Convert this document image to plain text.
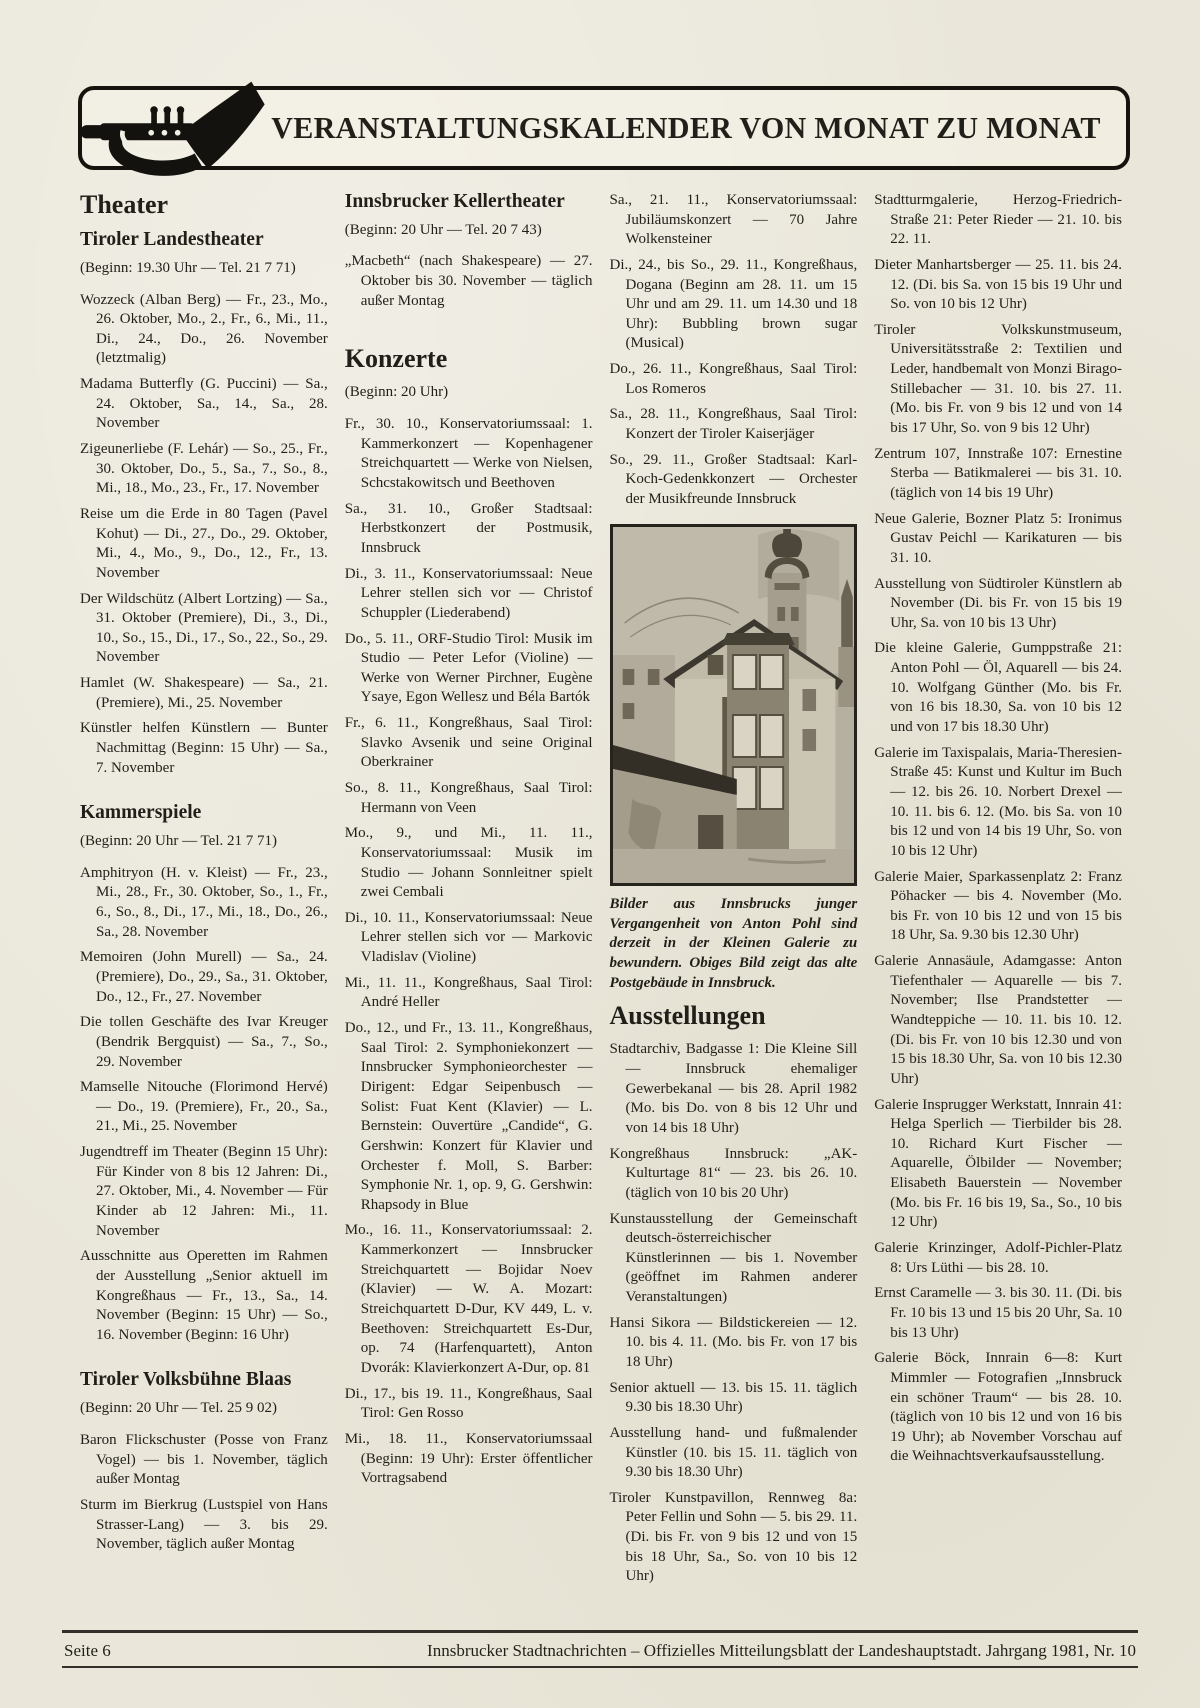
VERANSTALTUNGSKALENDER VON MONAT ZU MONAT
Theater
Tiroler Landestheater
(Beginn: 19.30 Uhr — Tel. 21 7 71)
Wozzeck (Alban Berg) — Fr., 23., Mo., 26. Oktober, Mo., 2., Fr., 6., Mi., 11., Di., 24., Do., 26. November (letztmalig)
Madama Butterfly (G. Puccini) — Sa., 24. Oktober, Sa., 14., Sa., 28. November
Zigeunerliebe (F. Lehár) — So., 25., Fr., 30. Oktober, Do., 5., Sa., 7., So., 8., Mi., 18., Mo., 23., Fr., 17. November
Reise um die Erde in 80 Tagen (Pavel Kohut) — Di., 27., Do., 29. Oktober, Mi., 4., Mo., 9., Do., 12., Fr., 13. November
Der Wildschütz (Albert Lortzing) — Sa., 31. Oktober (Premiere), Di., 3., Di., 10., So., 15., Di., 17., So., 22., So., 29. November
Hamlet (W. Shakespeare) — Sa., 21. (Premiere), Mi., 25. November
Künstler helfen Künstlern — Bunter Nachmittag (Beginn: 15 Uhr) — Sa., 7. November
Kammerspiele
(Beginn: 20 Uhr — Tel. 21 7 71)
Amphitryon (H. v. Kleist) — Fr., 23., Mi., 28., Fr., 30. Oktober, So., 1., Fr., 6., So., 8., Di., 17., Mi., 18., Do., 26., Sa., 28. November
Memoiren (John Murell) — Sa., 24. (Premiere), Do., 29., Sa., 31. Oktober, Do., 12., Fr., 27. November
Die tollen Geschäfte des Ivar Kreuger (Bendrik Bergquist) — Sa., 7., So., 29. November
Mamselle Nitouche (Florimond Hervé) — Do., 19. (Premiere), Fr., 20., Sa., 21., Mi., 25. November
Jugendtreff im Theater (Beginn 15 Uhr): Für Kinder von 8 bis 12 Jahren: Di., 27. Oktober, Mi., 4. November — Für Kinder ab 12 Jahren: Mi., 11. November
Ausschnitte aus Operetten im Rahmen der Ausstellung „Senior aktuell im Kongreßhaus — Fr., 13., Sa., 14. November (Beginn: 15 Uhr) — So., 16. November (Beginn: 16 Uhr)
Tiroler Volksbühne Blaas
(Beginn: 20 Uhr — Tel. 25 9 02)
Baron Flickschuster (Posse von Franz Vogel) — bis 1. November, täglich außer Montag
Sturm im Bierkrug (Lustspiel von Hans Strasser-Lang) — 3. bis 29. November, täglich außer Montag
Innsbrucker Kellertheater
(Beginn: 20 Uhr — Tel. 20 7 43)
„Macbeth“ (nach Shakespeare) — 27. Oktober bis 30. November — täglich außer Montag
Konzerte
(Beginn: 20 Uhr)
Fr., 30. 10., Konservatoriumssaal: 1. Kammerkonzert — Kopenhagener Streichquartett — Werke von Nielsen, Schcstakowitsch und Beethoven
Sa., 31. 10., Großer Stadtsaal: Herbstkonzert der Postmusik, Innsbruck
Di., 3. 11., Konservatoriumssaal: Neue Lehrer stellen sich vor — Christof Schuppler (Liederabend)
Do., 5. 11., ORF-Studio Tirol: Musik im Studio — Peter Lefor (Violine) — Werke von Werner Pirchner, Eugène Ysaye, Egon Wellesz und Béla Bartók
Fr., 6. 11., Kongreßhaus, Saal Tirol: Slavko Avsenik und seine Original Oberkrainer
So., 8. 11., Kongreßhaus, Saal Tirol: Hermann von Veen
Mo., 9., und Mi., 11. 11., Konservatoriumssaal: Musik im Studio — Johann Sonnleitner spielt zwei Cembali
Di., 10. 11., Konservatoriumssaal: Neue Lehrer stellen sich vor — Markovic Vladislav (Violine)
Mi., 11. 11., Kongreßhaus, Saal Tirol: André Heller
Do., 12., und Fr., 13. 11., Kongreßhaus, Saal Tirol: 2. Symphoniekonzert — Innsbrucker Symphonieorchester — Dirigent: Edgar Seipenbusch — Solist: Fuat Kent (Klavier) — L. Bernstein: Ouvertüre „Candide“, G. Gershwin: Konzert für Klavier und Orchester f. Moll, S. Barber: Symphonie Nr. 1, op. 9, G. Gershwin: Rhapsody in Blue
Mo., 16. 11., Konservatoriumssaal: 2. Kammerkonzert — Innsbrucker Streichquartett — Bojidar Noev (Klavier) — W. A. Mozart: Streichquartett D-Dur, KV 449, L. v. Beethoven: Streichquartett Es-Dur, op. 74 (Harfenquartett), Anton Dvorák: Klavierkonzert A-Dur, op. 81
Di., 17., bis 19. 11., Kongreßhaus, Saal Tirol: Gen Rosso
Mi., 18. 11., Konservatoriumssaal (Beginn: 19 Uhr): Erster öffentlicher Vortragsabend
Sa., 21. 11., Konservatoriumssaal: Jubiläumskonzert — 70 Jahre Wolkensteiner
Di., 24., bis So., 29. 11., Kongreßhaus, Dogana (Beginn am 28. 11. um 15 Uhr und am 29. 11. um 14.30 und 18 Uhr): Bubbling brown sugar (Musical)
Do., 26. 11., Kongreßhaus, Saal Tirol: Los Romeros
Sa., 28. 11., Kongreßhaus, Saal Tirol: Konzert der Tiroler Kaiserjäger
So., 29. 11., Großer Stadtsaal: Karl-Koch-Gedenkkonzert — Orchester der Musikfreunde Innsbruck
Bilder aus Innsbrucks junger Vergangenheit von Anton Pohl sind derzeit in der Kleinen Galerie zu bewundern. Obiges Bild zeigt das alte Postgebäude in Innsbruck.
Ausstellungen
Stadtarchiv, Badgasse 1: Die Kleine Sill — Innsbruck ehemaliger Gewerbekanal — bis 28. April 1982 (Mo. bis Do. von 8 bis 12 Uhr und von 14 bis 18 Uhr)
Kongreßhaus Innsbruck: „AK-Kulturtage 81“ — 23. bis 26. 10. (täglich von 10 bis 20 Uhr)
Kunstausstellung der Gemeinschaft deutsch-österreichischer Künstlerinnen — bis 1. November (geöffnet im Rahmen anderer Veranstaltungen)
Hansi Sikora — Bildstickereien — 12. 10. bis 4. 11. (Mo. bis Fr. von 17 bis 18 Uhr)
Senior aktuell — 13. bis 15. 11. täglich 9.30 bis 18.30 Uhr)
Ausstellung hand- und fußmalender Künstler (10. bis 15. 11. täglich von 9.30 bis 18.30 Uhr)
Tiroler Kunstpavillon, Rennweg 8a: Peter Fellin und Sohn — 5. bis 29. 11. (Di. bis Fr. von 9 bis 12 und von 15 bis 18 Uhr, Sa., So. von 10 bis 12 Uhr)
Stadtturmgalerie, Herzog-Friedrich-Straße 21: Peter Rieder — 21. 10. bis 22. 11.
Dieter Manhartsberger — 25. 11. bis 24. 12. (Di. bis Sa. von 15 bis 19 Uhr und So. von 10 bis 12 Uhr)
Tiroler Volkskunstmuseum, Universitätsstraße 2: Textilien und Leder, handbemalt von Monzi Birago-Stillebacher — 31. 10. bis 27. 11. (Mo. bis Fr. von 9 bis 12 und von 14 bis 17 Uhr, So. von 9 bis 12 Uhr)
Zentrum 107, Innstraße 107: Ernestine Sterba — Batikmalerei — bis 31. 10. (täglich von 14 bis 19 Uhr)
Neue Galerie, Bozner Platz 5: Ironimus Gustav Peichl — Karikaturen — bis 31. 10.
Ausstellung von Südtiroler Künstlern ab November (Di. bis Fr. von 15 bis 19 Uhr, Sa. von 10 bis 13 Uhr)
Die kleine Galerie, Gumppstraße 21: Anton Pohl — Öl, Aquarell — bis 24. 10. Wolfgang Günther (Mo. bis Fr. von 16 bis 18.30, Sa. von 10 bis 12 und von 17 bis 18.30 Uhr)
Galerie im Taxispalais, Maria-Theresien-Straße 45: Kunst und Kultur im Buch — 12. bis 26. 10. Norbert Drexel — 10. 11. bis 6. 12. (Mo. bis Sa. von 10 bis 12 und von 14 bis 19 Uhr, So. von 10 bis 12 Uhr)
Galerie Maier, Sparkassenplatz 2: Franz Pöhacker — bis 4. November (Mo. bis Fr. von 10 bis 12 und von 15 bis 18 Uhr, Sa. 9.30 bis 12.30 Uhr)
Galerie Annasäule, Adamgasse: Anton Tiefenthaler — Aquarelle — bis 7. November; Ilse Prandstetter — Wandteppiche — 10. 11. bis 10. 12. (Di. bis Fr. von 10 bis 12.30 und von 15 bis 18.30 Uhr, Sa. von 10 bis 12.30 Uhr)
Galerie Insprugger Werkstatt, Innrain 41: Helga Sperlich — Tierbilder bis 28. 10. Richard Kurt Fischer — Aquarelle, Ölbilder — November; Elisabeth Bauerstein — November (Mo. bis Fr. 16 bis 19, Sa., So., 10 bis 12 Uhr)
Galerie Krinzinger, Adolf-Pichler-Platz 8: Urs Lüthi — bis 28. 10.
Ernst Caramelle — 3. bis 30. 11. (Di. bis Fr. 10 bis 13 und 15 bis 20 Uhr, Sa. 10 bis 13 Uhr)
Galerie Böck, Innrain 6—8: Kurt Mimmler — Fotografien „Innsbruck ein schöner Traum“ — bis 28. 10. (täglich von 10 bis 12 und von 16 bis 19 Uhr); ab November Vorschau auf die Weihnachtsverkaufsausstellung.
Seite 6	Innsbrucker Stadtnachrichten – Offizielles Mitteilungsblatt der Landeshauptstadt. Jahrgang 1981, Nr. 10
